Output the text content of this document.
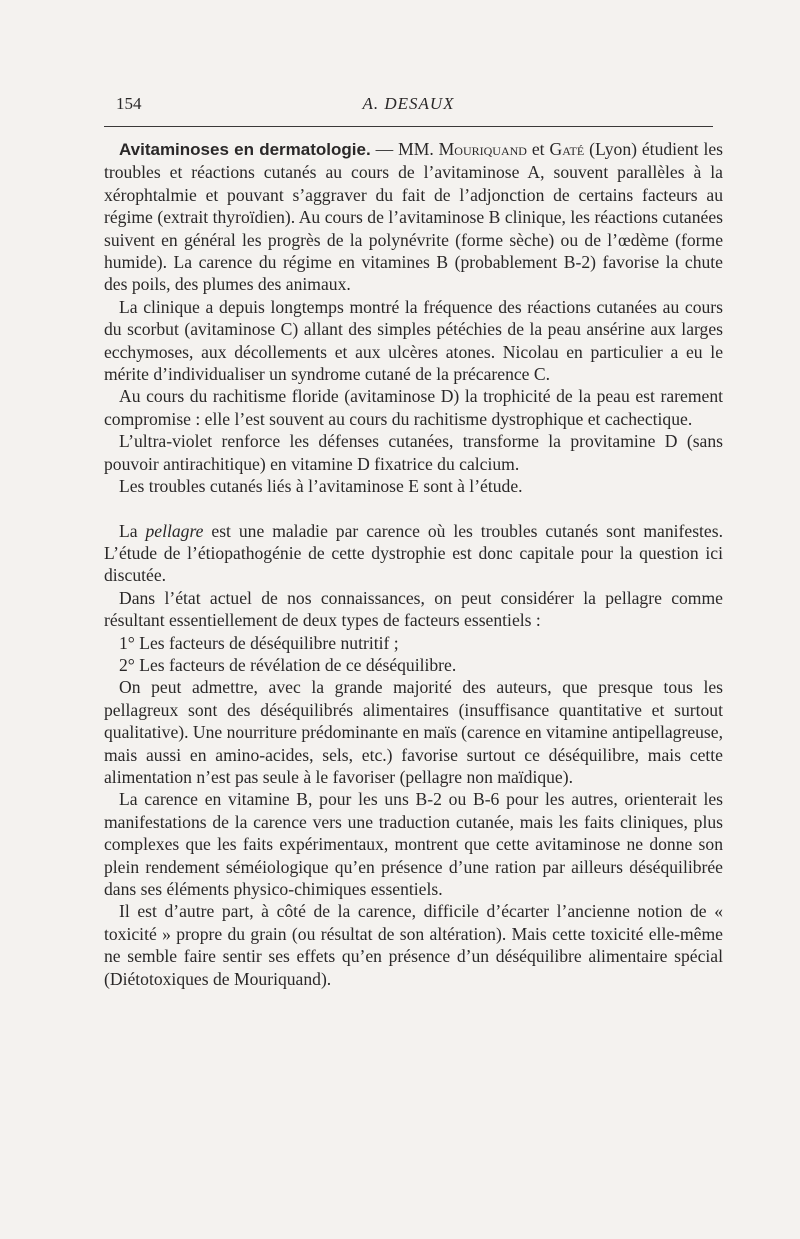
154	A. DESAUX

Avitaminoses en dermatologie. — MM. Mouriquand et Gaté (Lyon) étudient les troubles et réactions cutanés au cours de l’avitaminose A, souvent parallèles à la xérophtalmie et pouvant s’aggraver du fait de l’adjonction de certains facteurs au régime (extrait thyroïdien). Au cours de l’avitaminose B clinique, les réactions cutanées suivent en général les progrès de la polynévrite (forme sèche) ou de l’œdème (forme humide). La carence du régime en vitamines B (probablement B-2) favorise la chute des poils, des plumes des animaux.

La clinique a depuis longtemps montré la fréquence des réactions cutanées au cours du scorbut (avitaminose C) allant des simples pétéchies de la peau ansérine aux larges ecchymoses, aux décollements et aux ulcères atones. Nicolau en particulier a eu le mérite d’individualiser un syndrome cutané de la précarence C.

Au cours du rachitisme floride (avitaminose D) la trophicité de la peau est rarement compromise : elle l’est souvent au cours du rachitisme dystrophique et cachectique.

L’ultra-violet renforce les défenses cutanées, transforme la provitamine D (sans pouvoir antirachitique) en vitamine D fixatrice du calcium.

Les troubles cutanés liés à l’avitaminose E sont à l’étude.

La pellagre est une maladie par carence où les troubles cutanés sont manifestes. L’étude de l’étiopathogénie de cette dystrophie est donc capitale pour la question ici discutée.

Dans l’état actuel de nos connaissances, on peut considérer la pellagre comme résultant essentiellement de deux types de facteurs essentiels :

1° Les facteurs de déséquilibre nutritif ;

2° Les facteurs de révélation de ce déséquilibre.

On peut admettre, avec la grande majorité des auteurs, que presque tous les pellagreux sont des déséquilibrés alimentaires (insuffisance quantitative et surtout qualitative). Une nourriture prédominante en maïs (carence en vitamine antipellagreuse, mais aussi en amino-acides, sels, etc.) favorise surtout ce déséquilibre, mais cette alimentation n’est pas seule à le favoriser (pellagre non maïdique).

La carence en vitamine B, pour les uns B-2 ou B-6 pour les autres, orienterait les manifestations de la carence vers une traduction cutanée, mais les faits cliniques, plus complexes que les faits expérimentaux, montrent que cette avitaminose ne donne son plein rendement séméiologique qu’en présence d’une ration par ailleurs déséquilibrée dans ses éléments physico-chimiques essentiels.

Il est d’autre part, à côté de la carence, difficile d’écarter l’ancienne notion de « toxicité » propre du grain (ou résultat de son altération). Mais cette toxicité elle-même ne semble faire sentir ses effets qu’en présence d’un déséquilibre alimentaire spécial (Diétotoxiques de Mouriquand).
